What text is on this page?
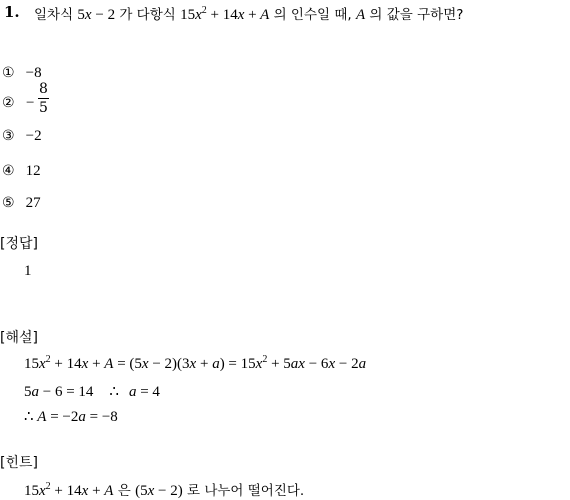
1. 일차식 5x − 2 가 다항식 $15x^2 + 14x + A$ 의 인수일 때, A 의 값을 구하면?
① −8
② − $\frac{8}{5}$
③ −2
④ 12
⑤ 27
[정답]
1
[해설]
$15x^2 + 14x + A = (5x - 2)(3x + a) = 15x^2 + 5ax - 6x - 2a$
5a − 6 = 14 ∴ a = 4
∴ A = −2a = −8
[힌트]
$15x^2 + 14x + A$ 은 (5x − 2) 로 나누어 떨어진다.
